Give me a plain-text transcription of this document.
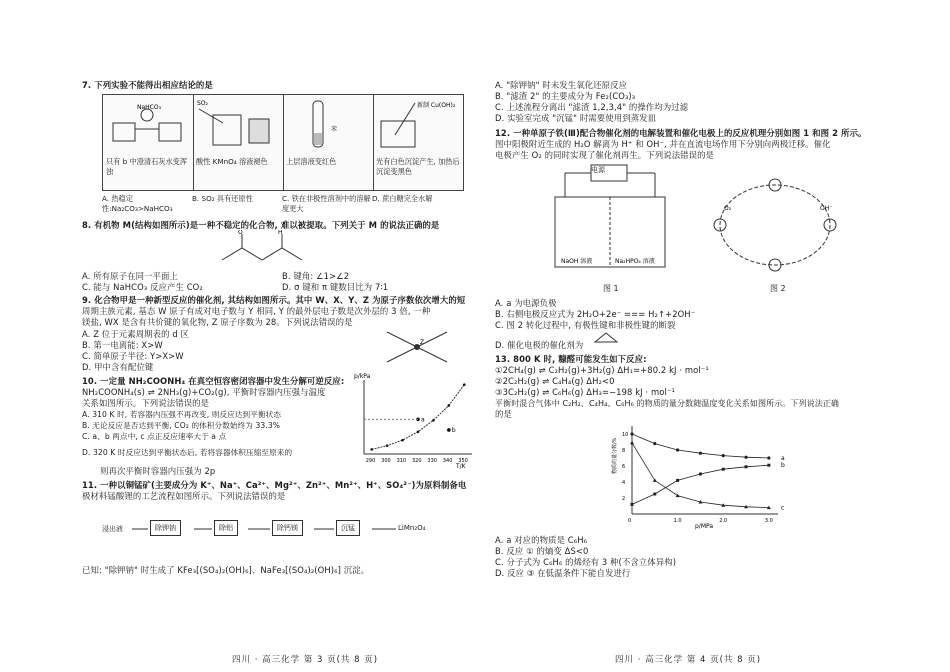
7. 下列实验不能得出相应结论的是
NaHCO₃
只有 b 中澄清石灰水变浑浊
SO₂
酸性 KMnO₄ 溶液褪色
苯
上层溶液变红色
新制 Cu(OH)₂
光有白色沉淀产生, 加热后沉淀变黑色
A. 热稳定性:Na₂CO₃>NaHCO₃
B. SO₂ 具有还原性	C. 铁在非极性溶剂中的溶解度更大
D. 蔗白糖完全水解
8. 有机物 M(结构如图所示)是一种不稳定的化合物, 难以被提取。下列关于 M 的说法正确的是
O	H
A. 所有原子在同一平面上	B. 键角: ∠1>∠2
C. 能与 NaHCO₃ 反应产生 CO₂	D. σ 键和 π 键数目比为 7∶1
9. 化合物甲是一种新型反应的催化剂, 其结构如图所示。其中 W、X、Y、Z 为原子序数依次增大的短
周期主族元素, 基态 W 原子有成对电子数与 Y 相同, Y 的最外层电子数是次外层的 3 倍, 一种
镁盐, WX 是含有共价键的氧化物, Z 原子序数为 28。下列说法错误的是
A. Z 位于元素周期表的 d 区
B. 第一电离能: X>W
C. 简单原子半径: Y>X>W
D. 甲中含有配位键
Z
10. 一定量 NH₂COONH₄ 在真空恒容密闭容器中发生分解可逆反应:
NH₂COONH₄(s) ⇌ 2NH₃(g)+CO₂(g), 平衡时容器内压强与温度
关系如图所示。下列说法错误的是
A. 310 K 时, 若容器内压强不再改变, 则反应达到平衡状态
B. 无论反应是否达到平衡, CO₂ 的体积分数始终为 33.3%
C. a、b 两点中, c 点正反应速率大于 a 点
D. 320 K 时反应达到平衡状态后, 若将容器体积压缩至原来的
则再次平衡时容器内压强为 2p
p/kPa
T/K
290 300 310 320 330 340 350
a
b
11. 一种以铜锰矿(主要成分为 K⁺、Na⁺、Ca²⁺、Mg²⁺、Zn²⁺、Mn²⁺、H⁺、SO₄²⁻)为原料制备电
极材料锰酸锂的工艺流程如图所示。下列说法错误的是
浸出液	除钾钠	除铝	除钙镁	沉锰	LiMn₂O₄
已知: "除钾钠" 时生成了 KFe₃[(SO₄)₂(OH)₆]、NaFe₃[(SO₄)₂(OH)₆] 沉淀。
四川 · 高三化学 第 3 页(共 8 页)
A. "除钾钠" 时未发生氧化还原反应
B. "滤渣 2" 的主要成分为 Fe₂(CO₃)₃
C. 上述流程分离出 "滤渣 1,2,3,4" 的操作均为过滤
D. 实验室完成 "沉锰" 时需要使用到蒸发皿
12. 一种单原子铁(Ⅲ)配合物催化剂的电解装置和催化电极上的反应机理分别如图 1 和图 2 所示。
图中阳极附近生成的 H₂O 解离为 H⁺ 和 OH⁻, 并在直流电场作用下分别向两极迁移。催化
电极产生 O₂ 的同时实现了催化剂再生。下列说法错误的是
NaOH 溶液	Na₂HPO₄ 溶液
电源
图 1
OH⁻
O₂
图 2
A. a 为电源负极
B. 右侧电极反应式为 2H₂O+2e⁻ === H₂↑+2OH⁻
C. 图 2 转化过程中, 有极性键和非极性键的断裂
D. 催化电极的催化剂为
13. 800 K 时, 糠醛可能发生如下反应:
①2CH₄(g) ⇌ C₂H₂(g)+3H₂(g) ΔH₁=+80.2 kJ · mol⁻¹
②2C₂H₂(g) ⇌ C₄H₄(g) ΔH₂<0
③3C₂H₂(g) ⇌ C₆H₆(g) ΔH₃=−198 kJ · mol⁻¹
平衡时混合气体中 C₂H₂、C₄H₄、C₆H₆ 的物质的量分数随温度变化关系如图所示。下列说法正确
的是
物质的量分数/%
p/MPa
2
4
6
8
10
0	1.0	2.0	3.0
a
b
c
A. a 对应的物质是 C₆H₆
B. 反应 ① 的熵变 ΔS<0
C. 分子式为 C₆H₆ 的烯烃有 3 种(不含立体异构)
D. 反应 ③ 在低温条件下能自发进行
四川 · 高三化学 第 4 页(共 8 页)
